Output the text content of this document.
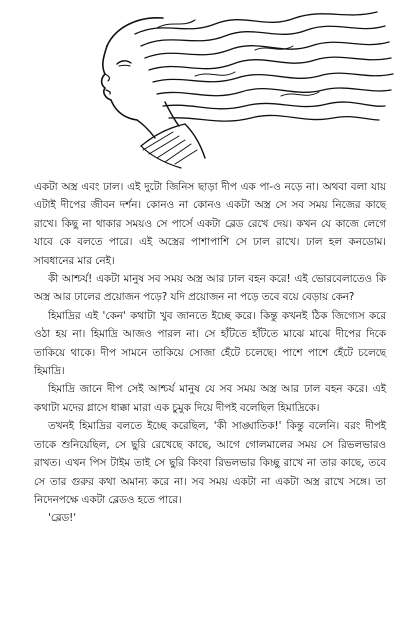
একটা অস্ত্র এবং ঢাল। এই দুটো জিনিস ছাড়া দীপ এক পা-ও নড়ে না। অথবা বলা যায় এটাই দীপের জীবন দর্শন। কোনও না কোনও একটা অস্ত্র সে সব সময় নিজের কাছে রাখে। কিছু না থাকার সময়ও সে পার্সে একটা ব্লেড রেখে দেয়। কখন যে কাজে লেগে যাবে কে বলতে পারে। এই অস্ত্রের পাশাপাশি সে ঢাল রাখে। ঢাল হল কনডোম। সাবধানের মার নেই।

কী আশ্চর্য! একটা মানুষ সব সময় অস্ত্র আর ঢাল বহন করে! এই ভোরবেলাতেও কি অস্ত্র আর ঢালের প্রয়োজন পড়ে? যদি প্রয়োজন না পড়ে তবে বয়ে বেড়ায় কেন?

হিমাদ্রির এই 'কেন' কথাটা খুব জানতে ইচ্ছে করে। কিন্তু কখনই ঠিক জিগ্যেস করে ওঠা হয় না। হিমাদ্রি আজও পারল না। সে হাঁটতে হাঁটতে মাঝে মাঝে দীপের দিকে তাকিয়ে থাকে। দীপ সামনে তাকিয়ে সোজা হেঁটে চলেছে। পাশে পাশে হেঁটে চলেছে হিমাদ্রি।

হিমাদ্রি জানে দীপ সেই আশ্চর্য মানুষ যে সব সময় অস্ত্র আর ঢাল বহন করে। এই কথাটা মদের গ্লাসে ধাক্কা মারা এক চুমুক দিয়ে দীপই বলেছিল হিমাদ্রিকে।

তখনই হিমাদ্রির বলতে ইচ্ছে করেছিল, 'কী সাঙ্ঘাতিক!' কিন্তু বলেনি। বরং দীপই তাকে শুনিয়েছিল, সে ছুরি রেখেছে কাছে, আগে গোলমালের সময় সে রিভলভারও রাখত। এখন পিস টাইম তাই সে ছুরি কিংবা রিভলভার কিচ্ছু রাখে না তার কাছে, তবে সে তার গুরুর কথা অমান্য করে না। সব সময় একটা না একটা অস্ত্র রাখে সঙ্গে। তা নিদেনপক্ষে একটা ব্লেডও হতে পারে।

'ব্লেড!'
